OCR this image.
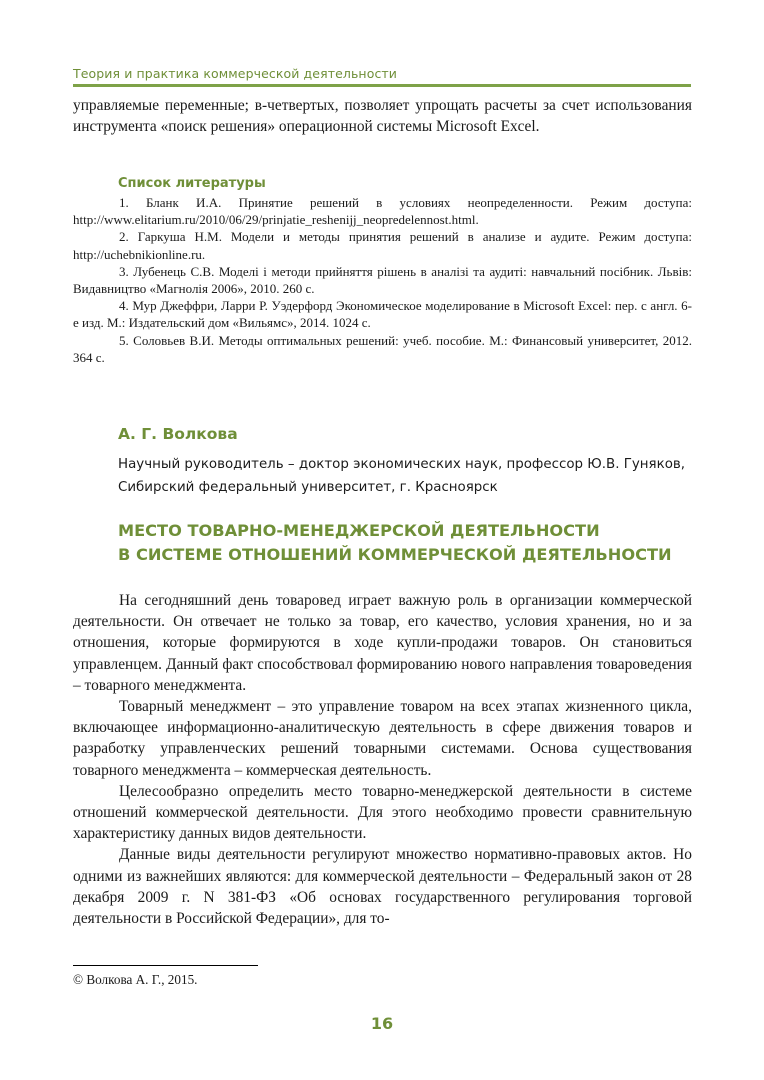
Теория и практика коммерческой деятельности

управляемые переменные; в-четвертых, позволяет упрощать расчеты за счет использования инструмента «поиск решения» операционной системы Microsoft Excel.

Список литературы

1. Бланк И.А. Принятие решений в условиях неопределенности. Режим доступа: http://www.elitarium.ru/2010/06/29/prinjatie_reshenijj_neopredelennost.html.

2. Гаркуша Н.М. Модели и методы принятия решений в анализе и аудите. Режим доступа: http://uchebnikionline.ru.

3. Лубенець С.В. Моделі і методи прийняття рішень в аналізі та аудиті: навчальний посібник. Львів: Видавництво «Магнолія 2006», 2010. 260 с.

4. Мур Джеффри, Ларри Р. Уэдерфорд Экономическое моделирование в Microsoft Excel: пер. с англ. 6-е изд. М.: Издательский дом «Вильямс», 2014. 1024 с.

5. Соловьев В.И. Методы оптимальных решений: учеб. пособие. М.: Финансовый университет, 2012. 364 с.

А. Г. Волкова
Научный руководитель – доктор экономических наук, профессор Ю.В. Гуняков,
Сибирский федеральный университет, г. Красноярск
МЕСТО ТОВАРНО-МЕНЕДЖЕРСКОЙ ДЕЯТЕЛЬНОСТИ
В СИСТЕМЕ ОТНОШЕНИЙ КОММЕРЧЕСКОЙ ДЕЯТЕЛЬНОСТИ

На сегодняшний день товаровед играет важную роль в организации коммерческой деятельности. Он отвечает не только за товар, его качество, условия хранения, но и за отношения, которые формируются в ходе купли-продажи товаров. Он становиться управленцем. Данный факт способствовал формированию нового направления товароведения – товарного менеджмента.

Товарный менеджмент – это управление товаром на всех этапах жизненного цикла, включающее информационно-аналитическую деятельность в сфере движения товаров и разработку управленческих решений товарными системами. Основа существования товарного менеджмента – коммерческая деятельность.

Целесообразно определить место товарно-менеджерской деятельности в системе отношений коммерческой деятельности. Для этого необходимо провести сравнительную характеристику данных видов деятельности.

Данные виды деятельности регулируют множество нормативно-правовых актов. Но одними из важнейших являются: для коммерческой деятельности – Федеральный закон от 28 декабря 2009 г. N 381-ФЗ «Об основах государственного регулирования торговой деятельности в Российской Федерации», для то-

© Волкова А. Г., 2015.
16
